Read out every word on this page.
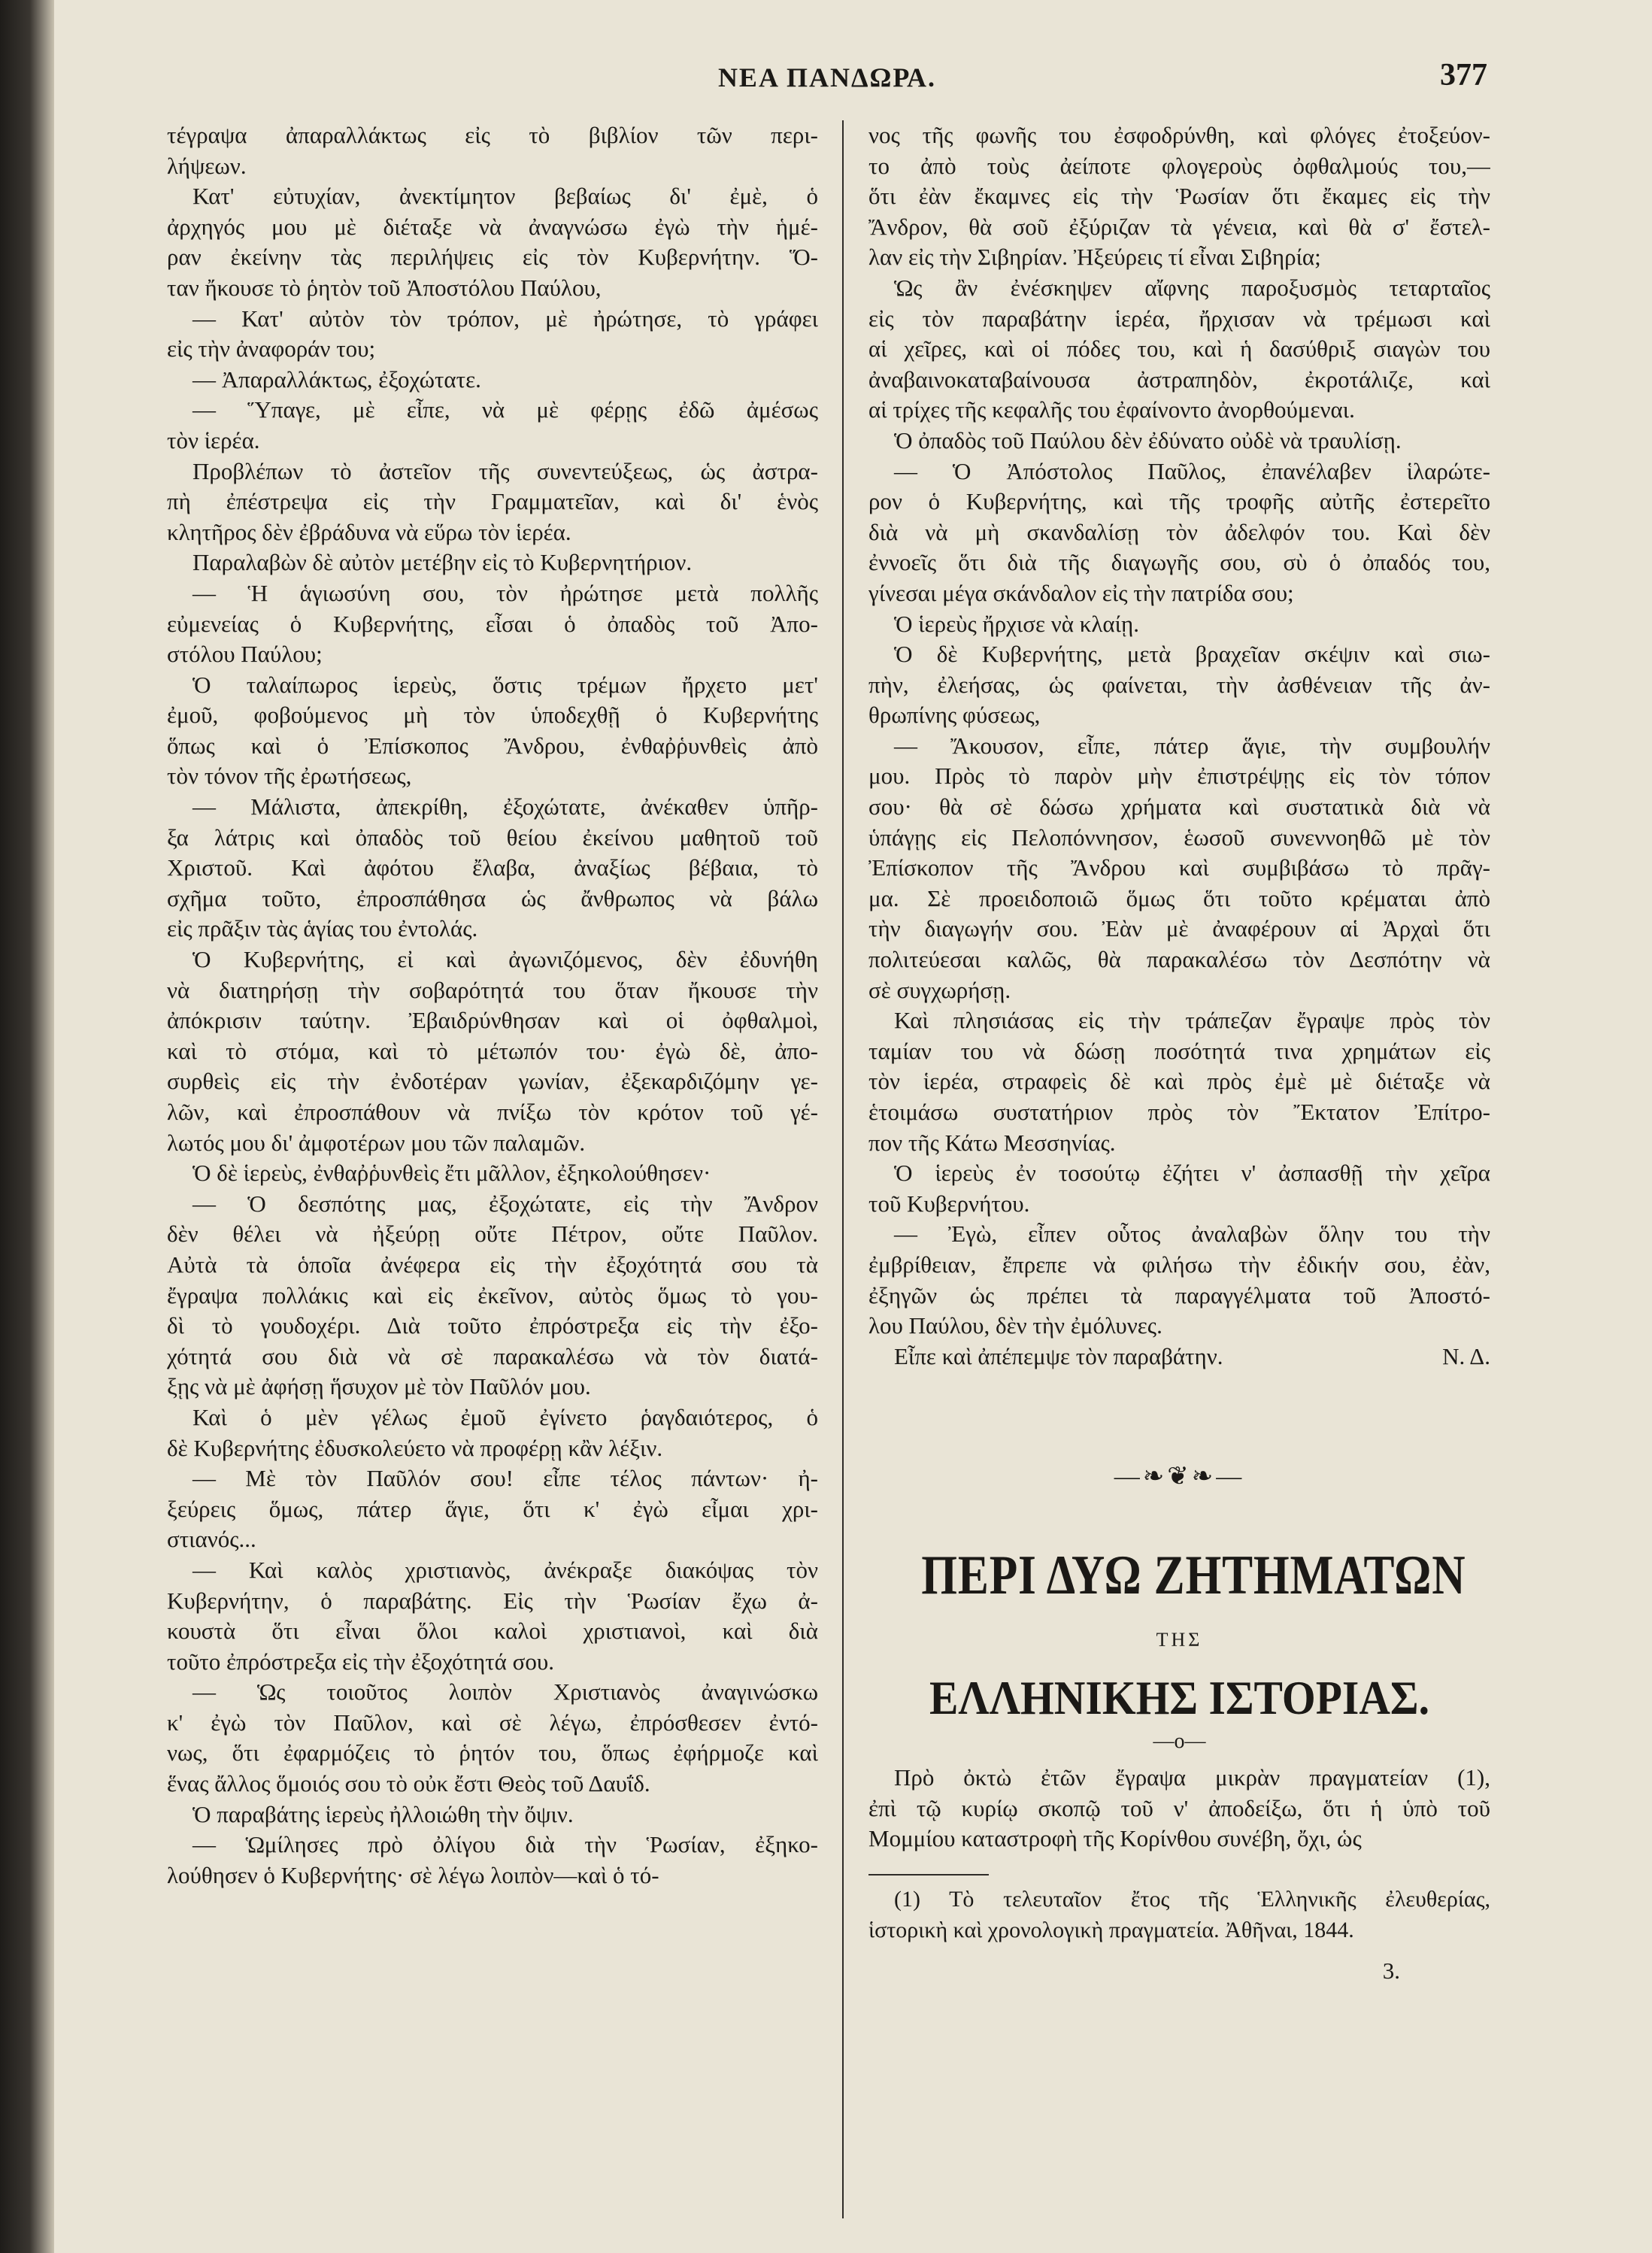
ΝΕΑ ΠΑΝΔΩΡΑ.	377

τέγραψα ἀπαραλλάκτως εἰς τὸ βιβλίον τῶν περι-

λήψεων.

Κατ' εὐτυχίαν, ἀνεκτίμητον βεβαίως δι' ἐμὲ, ὁ

ἀρχηγός μου μὲ διέταξε νὰ ἀναγνώσω ἐγὼ τὴν ἡμέ-

ραν ἐκείνην τὰς περιλήψεις εἰς τὸν Κυβερνήτην. Ὅ-

ταν ἤκουσε τὸ ῥητὸν τοῦ Ἀποστόλου Παύλου,

— Κατ' αὐτὸν τὸν τρόπον, μὲ ἠρώτησε, τὸ γράφει

εἰς τὴν ἀναφοράν του;

— Ἀπαραλλάκτως, ἐξοχώτατε.

— Ὕπαγε, μὲ εἶπε, νὰ μὲ φέρῃς ἐδῶ ἀμέσως

τὸν ἱερέα.

Προβλέπων τὸ ἀστεῖον τῆς συνεντεύξεως, ὡς ἀστρα-

πὴ ἐπέστρεψα εἰς τὴν Γραμματεῖαν, καὶ δι' ἑνὸς

κλητῆρος δὲν ἐβράδυνα νὰ εὕρω τὸν ἱερέα.

Παραλαβὼν δὲ αὐτὸν μετέβην εἰς τὸ Κυβερνητήριον.

— Ἡ ἁγιωσύνη σου, τὸν ἠρώτησε μετὰ πολλῆς

εὐμενείας ὁ Κυβερνήτης, εἶσαι ὁ ὀπαδὸς τοῦ Ἀπο-

στόλου Παύλου;

Ὁ ταλαίπωρος ἱερεὺς, ὅστις τρέμων ἤρχετο μετ'

ἐμοῦ, φοβούμενος μὴ τὸν ὑποδεχθῇ ὁ Κυβερνήτης

ὅπως καὶ ὁ Ἐπίσκοπος Ἄνδρου, ἐνθαῤῥυνθεὶς ἀπὸ

τὸν τόνον τῆς ἐρωτήσεως,

— Μάλιστα, ἀπεκρίθη, ἐξοχώτατε, ἀνέκαθεν ὑπῆρ-

ξα λάτρις καὶ ὀπαδὸς τοῦ θείου ἐκείνου μαθητοῦ τοῦ

Χριστοῦ. Καὶ ἀφότου ἔλαβα, ἀναξίως βέβαια, τὸ

σχῆμα τοῦτο, ἐπροσπάθησα ὡς ἄνθρωπος νὰ βάλω

εἰς πρᾶξιν τὰς ἁγίας του ἐντολάς.

Ὁ Κυβερνήτης, εἰ καὶ ἀγωνιζόμενος, δὲν ἐδυνήθη

νὰ διατηρήσῃ τὴν σοβαρότητά του ὅταν ἤκουσε τὴν

ἀπόκρισιν ταύτην. Ἐβαιδρύνθησαν καὶ οἱ ὀφθαλμοὶ,

καὶ τὸ στόμα, καὶ τὸ μέτωπόν του· ἐγὼ δὲ, ἀπο-

συρθεὶς εἰς τὴν ἐνδοτέραν γωνίαν, ἐξεκαρδιζόμην γε-

λῶν, καὶ ἐπροσπάθουν νὰ πνίξω τὸν κρότον τοῦ γέ-

λωτός μου δι' ἀμφοτέρων μου τῶν παλαμῶν.

Ὁ δὲ ἱερεὺς, ἐνθαῤῥυνθεὶς ἔτι μᾶλλον, ἐξηκολούθησεν·

— Ὁ δεσπότης μας, ἐξοχώτατε, εἰς τὴν Ἄνδρον

δὲν θέλει νὰ ἠξεύρῃ οὔτε Πέτρον, οὔτε Παῦλον.

Αὐτὰ τὰ ὁποῖα ἀνέφερα εἰς τὴν ἐξοχότητά σου τὰ

ἔγραψα πολλάκις καὶ εἰς ἐκεῖνον, αὐτὸς ὅμως τὸ γου-

δὶ τὸ γουδοχέρι. Διὰ τοῦτο ἐπρόστρεξα εἰς τὴν ἐξο-

χότητά σου διὰ νὰ σὲ παρακαλέσω νὰ τὸν διατά-

ξῃς νὰ μὲ ἀφήσῃ ἥσυχον μὲ τὸν Παῦλόν μου.

Καὶ ὁ μὲν γέλως ἐμοῦ ἐγίνετο ῥαγδαιότερος, ὁ

δὲ Κυβερνήτης ἐδυσκολεύετο νὰ προφέρῃ κἂν λέξιν.

— Μὲ τὸν Παῦλόν σου! εἶπε τέλος πάντων· ἠ-

ξεύρεις ὅμως, πάτερ ἅγιε, ὅτι κ' ἐγὼ εἶμαι χρι-

στιανός...

— Καὶ καλὸς χριστιανὸς, ἀνέκραξε διακόψας τὸν

Κυβερνήτην, ὁ παραβάτης. Εἰς τὴν Ῥωσίαν ἔχω ἀ-

κουστὰ ὅτι εἶναι ὅλοι καλοὶ χριστιανοὶ, καὶ διὰ

τοῦτο ἐπρόστρεξα εἰς τὴν ἐξοχότητά σου.

— Ὡς τοιοῦτος λοιπὸν Χριστιανὸς ἀναγινώσκω

κ' ἐγὼ τὸν Παῦλον, καὶ σὲ λέγω, ἐπρόσθεσεν ἐντό-

νως, ὅτι ἐφαρμόζεις τὸ ῥητόν του, ὅπως ἐφήρμοζε καὶ

ἕνας ἄλλος ὅμοιός σου τὸ οὐκ ἔστι Θεὸς τοῦ Δαυΐδ.

Ὁ παραβάτης ἱερεὺς ἠλλοιώθη τὴν ὄψιν.

— Ὡμίλησες πρὸ ὀλίγου διὰ τὴν Ῥωσίαν, ἐξηκο-

λούθησεν ὁ Κυβερνήτης· σὲ λέγω λοιπὸν—καὶ ὁ τό-

νος τῆς φωνῆς του ἐσφοδρύνθη, καὶ φλόγες ἐτοξεύον-

το ἀπὸ τοὺς ἀείποτε φλογεροὺς ὀφθαλμούς του,—

ὅτι ἐὰν ἔκαμνες εἰς τὴν Ῥωσίαν ὅτι ἔκαμες εἰς τὴν

Ἄνδρον, θὰ σοῦ ἐξύριζαν τὰ γένεια, καὶ θὰ σ' ἔστελ-

λαν εἰς τὴν Σιβηρίαν. Ἠξεύρεις τί εἶναι Σιβηρία;

Ὡς ἂν ἐνέσκηψεν αἴφνης παροξυσμὸς τεταρταῖος

εἰς τὸν παραβάτην ἱερέα, ἤρχισαν νὰ τρέμωσι καὶ

αἱ χεῖρες, καὶ οἱ πόδες του, καὶ ἡ δασύθριξ σιαγὼν του

ἀναβαινοκαταβαίνουσα ἀστραπηδὸν, ἐκροτάλιζε, καὶ

αἱ τρίχες τῆς κεφαλῆς του ἐφαίνοντο ἀνορθούμεναι.

Ὁ ὀπαδὸς τοῦ Παύλου δὲν ἐδύνατο οὐδὲ νὰ τραυλίσῃ.

— Ὁ Ἀπόστολος Παῦλος, ἐπανέλαβεν ἱλαρώτε-

ρον ὁ Κυβερνήτης, καὶ τῆς τροφῆς αὐτῆς ἐστερεῖτο

διὰ νὰ μὴ σκανδαλίσῃ τὸν ἀδελφόν του. Καὶ δὲν

ἐννοεῖς ὅτι διὰ τῆς διαγωγῆς σου, σὺ ὁ ὀπαδός του,

γίνεσαι μέγα σκάνδαλον εἰς τὴν πατρίδα σου;

Ὁ ἱερεὺς ἤρχισε νὰ κλαίῃ.

Ὁ δὲ Κυβερνήτης, μετὰ βραχεῖαν σκέψιν καὶ σιω-

πὴν, ἐλεήσας, ὡς φαίνεται, τὴν ἀσθένειαν τῆς ἀν-

θρωπίνης φύσεως,

— Ἄκουσον, εἶπε, πάτερ ἅγιε, τὴν συμβουλήν

μου. Πρὸς τὸ παρὸν μὴν ἐπιστρέψῃς εἰς τὸν τόπον

σου· θὰ σὲ δώσω χρήματα καὶ συστατικὰ διὰ νὰ

ὑπάγῃς εἰς Πελοπόννησον, ἑωσοῦ συνεννοηθῶ μὲ τὸν

Ἐπίσκοπον τῆς Ἄνδρου καὶ συμβιβάσω τὸ πρᾶγ-

μα. Σὲ προειδοποιῶ ὅμως ὅτι τοῦτο κρέμαται ἀπὸ

τὴν διαγωγήν σου. Ἐὰν μὲ ἀναφέρουν αἱ Ἀρχαὶ ὅτι

πολιτεύεσαι καλῶς, θὰ παρακαλέσω τὸν Δεσπότην νὰ

σὲ συγχωρήσῃ.

Καὶ πλησιάσας εἰς τὴν τράπεζαν ἔγραψε πρὸς τὸν

ταμίαν του νὰ δώσῃ ποσότητά τινα χρημάτων εἰς

τὸν ἱερέα, στραφεὶς δὲ καὶ πρὸς ἐμὲ μὲ διέταξε νὰ

ἑτοιμάσω συστατήριον πρὸς τὸν Ἔκτατον Ἐπίτρο-

πον τῆς Κάτω Μεσσηνίας.

Ὁ ἱερεὺς ἐν τοσούτῳ ἐζήτει ν' ἀσπασθῇ τὴν χεῖρα

τοῦ Κυβερνήτου.

— Ἐγὼ, εἶπεν οὗτος ἀναλαβὼν ὅλην του τὴν

ἐμβρίθειαν, ἔπρεπε νὰ φιλήσω τὴν ἐδικήν σου, ἐὰν,

ἐξηγῶν ὡς πρέπει τὰ παραγγέλματα τοῦ Ἀποστό-

λου Παύλου, δὲν τὴν ἐμόλυνες.

Εἶπε καὶ ἀπέπεμψε τὸν παραβάτην.	Ν. Δ.
—❧❦❧—
ΠΕΡΙ ΔΥΩ ΖΗΤΗΜΑΤΩΝ
ΤΗΣ
ΕΛΛΗΝΙΚΗΣ ΙΣΤΟΡΙΑΣ.
—ο—

Πρὸ ὀκτὼ ἐτῶν ἔγραψα μικρὰν πραγματείαν (1),

ἐπὶ τῷ κυρίῳ σκοπῷ τοῦ ν' ἀποδείξω, ὅτι ἡ ὑπὸ τοῦ

Μομμίου καταστροφὴ τῆς Κορίνθου συνέβη, ὄχι, ὡς

(1) Τὸ τελευταῖον ἔτος τῆς Ἑλληνικῆς ἐλευθερίας,

ἱστορικὴ καὶ χρονολογικὴ πραγματεία. Ἀθῆναι, 1844.

3.
